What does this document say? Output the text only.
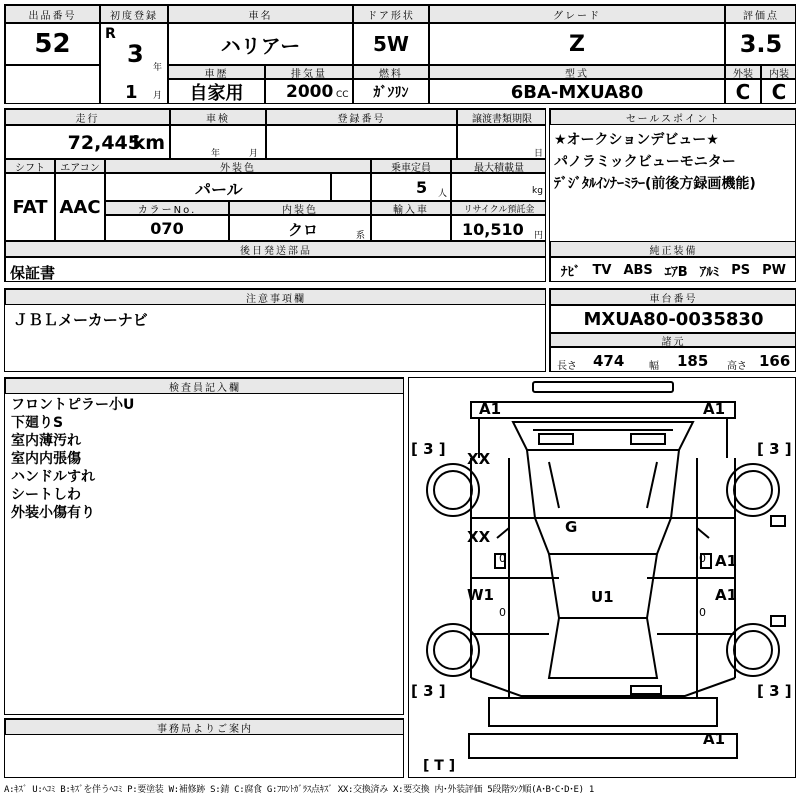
出品番号
52
初度登録
R
3 年
1 月
車名
ハリアー
ドア形状
5W
グレード
Z
評価点
3.5
車歴
自家用
排気量
2000 CC
燃料
ｶﾞｿﾘﾝ
型式
6BA-MXUA80
外装
C
内装
C
走行
72,445
km
車検
年	月
登録番号	譲渡書類期限
日
シフト
FAT
エアコン
AAC
外装色
パール
乗車定員
5 人
最大積載量
kg
カラーNo.
070
内装色
クロ	系
輸入車	リサイクル預託金
10,510 円
後日発送部品
保証書
セールスポイント
★オークションデビュー★
パノラミックビューモニター
ﾃﾞｼﾞﾀﾙｲﾝﾅｰﾐﾗｰ(前後方録画機能)
純正装備
ﾅﾋﾞ TV ABS ｴｱB ｱﾙﾐ PS PW
注意事項欄
ＪＢＬメーカーナビ
車台番号
MXUA80-0035830
諸元
長さ 474 幅 185 高さ 166
検査員記入欄
フロントピラー小U
下廻りS
室内薄汚れ
室内内張傷
ハンドルすれ
シートしわ
外装小傷有り
事務局よりご案内
A1	A1
[ 3 ]	[ 3 ]
XX
G
XX
A1
W1	U1	A1
0	0
0	0
[ 3 ]	[ 3 ]
A1
[ T ]
A:ｷｽﾞ U:ﾍｺﾐ B:ｷｽﾞを伴うﾍｺﾐ P:要塗装 W:補修跡 S:錆 C:腐食 G:ﾌﾛﾝﾄｶﾞﾗｽ点ｷｽﾞ XX:交換済み X:要交換 内･外装評価 5段階ﾗﾝｸ順(A･B･C･D･E) 1
